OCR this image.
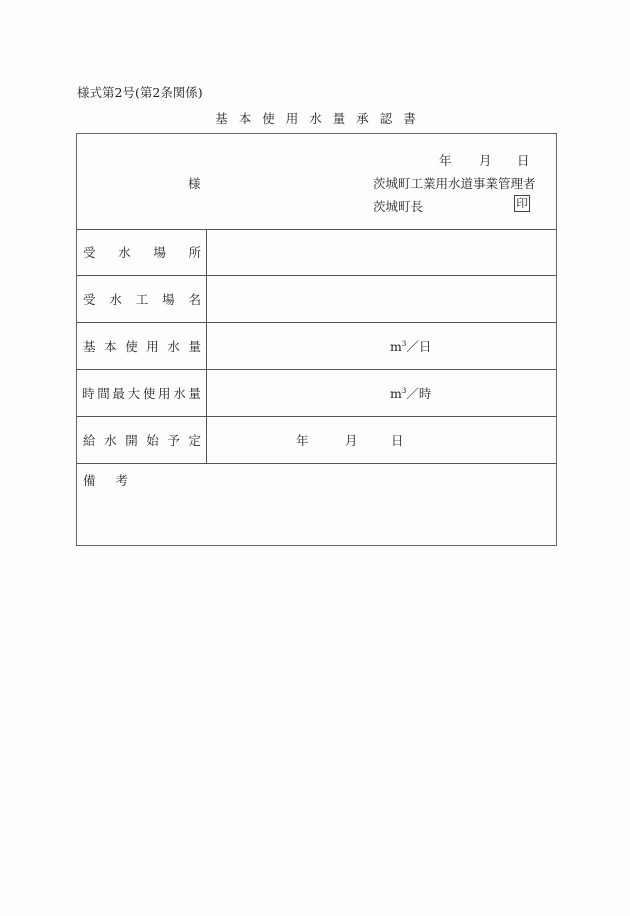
様式第2号(第2条関係)
基本使用水量承認書
年	月	日
様	茨城町工業用水道事業管理者
茨城町長	印
受 水 場 所
受 水 工 場 名
基 本 使 用 水 量	$m^3/$日
時 間 最 大 使 用 水 量	$m^3/$時
給 水 開 始 予 定	年	月	日
備 考
